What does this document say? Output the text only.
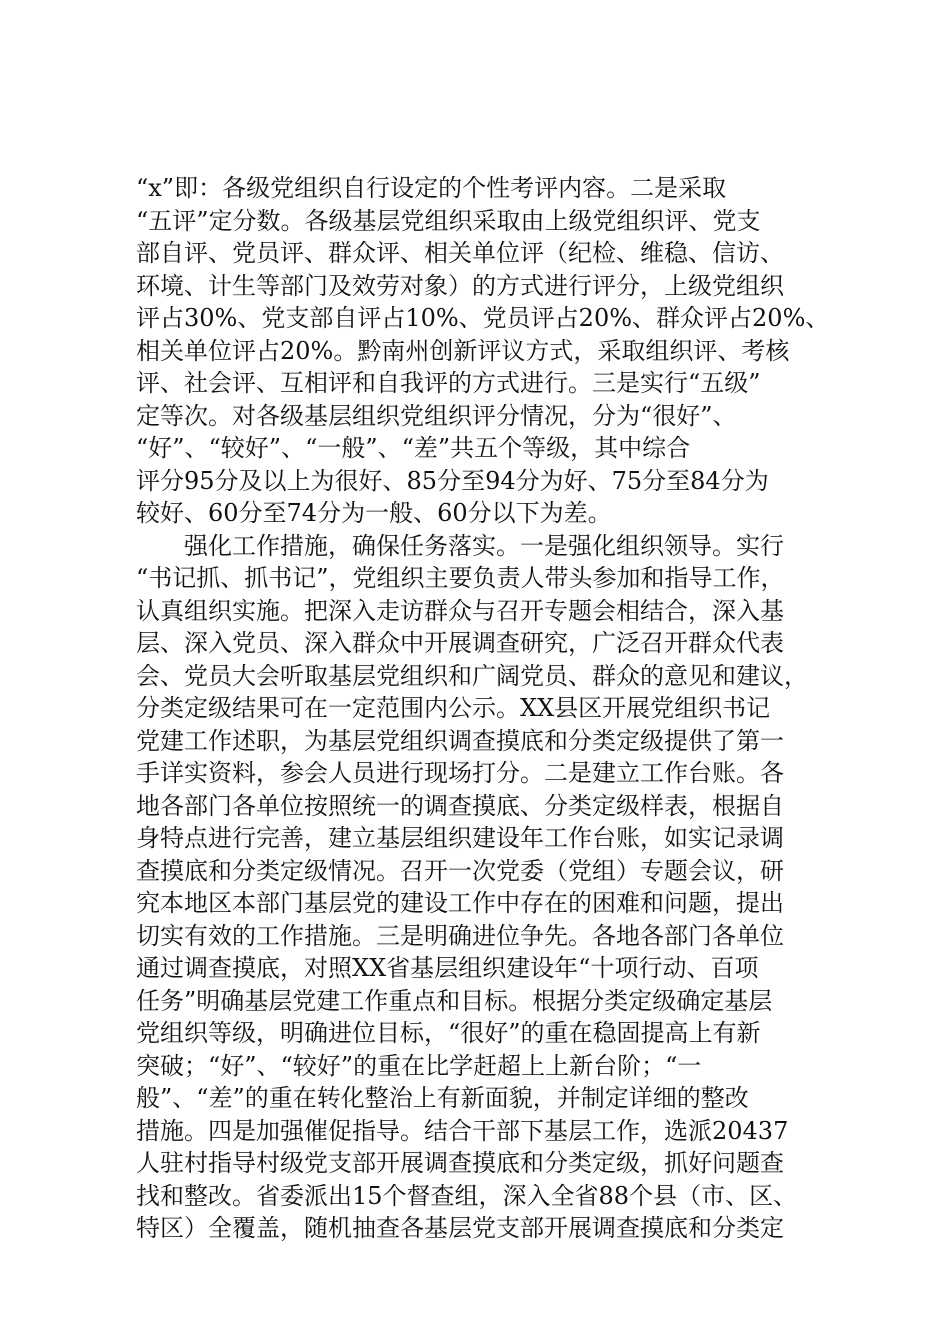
“x”即：各级党组织自行设定的个性考评内容。二是采取
“五评”定分数。各级基层党组织采取由上级党组织评、党支
部自评、党员评、群众评、相关单位评（纪检、维稳、信访、
环境、计生等部门及效劳对象）的方式进行评分，上级党组织
评占30%、党支部自评占10%、党员评占20%、群众评占20%、
相关单位评占20%。黔南州创新评议方式，采取组织评、考核
评、社会评、互相评和自我评的方式进行。三是实行“五级”
定等次。对各级基层组织党组织评分情况，分为“很好”、
“好”、“较好”、“一般”、“差”共五个等级，其中综合
评分95分及以上为很好、85分至94分为好、75分至84分为
较好、60分至74分为一般、60分以下为差。
强化工作措施，确保任务落实。一是强化组织领导。实行
“书记抓、抓书记”，党组织主要负责人带头参加和指导工作，
认真组织实施。把深入走访群众与召开专题会相结合，深入基
层、深入党员、深入群众中开展调查研究，广泛召开群众代表
会、党员大会听取基层党组织和广阔党员、群众的意见和建议，
分类定级结果可在一定范围内公示。XX县区开展党组织书记
党建工作述职，为基层党组织调查摸底和分类定级提供了第一
手详实资料，参会人员进行现场打分。二是建立工作台账。各
地各部门各单位按照统一的调查摸底、分类定级样表，根据自
身特点进行完善，建立基层组织建设年工作台账，如实记录调
查摸底和分类定级情况。召开一次党委（党组）专题会议，研
究本地区本部门基层党的建设工作中存在的困难和问题，提出
切实有效的工作措施。三是明确进位争先。各地各部门各单位
通过调查摸底，对照XX省基层组织建设年“十项行动、百项
任务”明确基层党建工作重点和目标。根据分类定级确定基层
党组织等级，明确进位目标，“很好”的重在稳固提高上有新
突破；“好”、“较好”的重在比学赶超上上新台阶；“一
般”、“差”的重在转化整治上有新面貌，并制定详细的整改
措施。四是加强催促指导。结合干部下基层工作，选派20437
人驻村指导村级党支部开展调查摸底和分类定级，抓好问题查
找和整改。省委派出15个督查组，深入全省88个县（市、区、
特区）全覆盖，随机抽查各基层党支部开展调查摸底和分类定
